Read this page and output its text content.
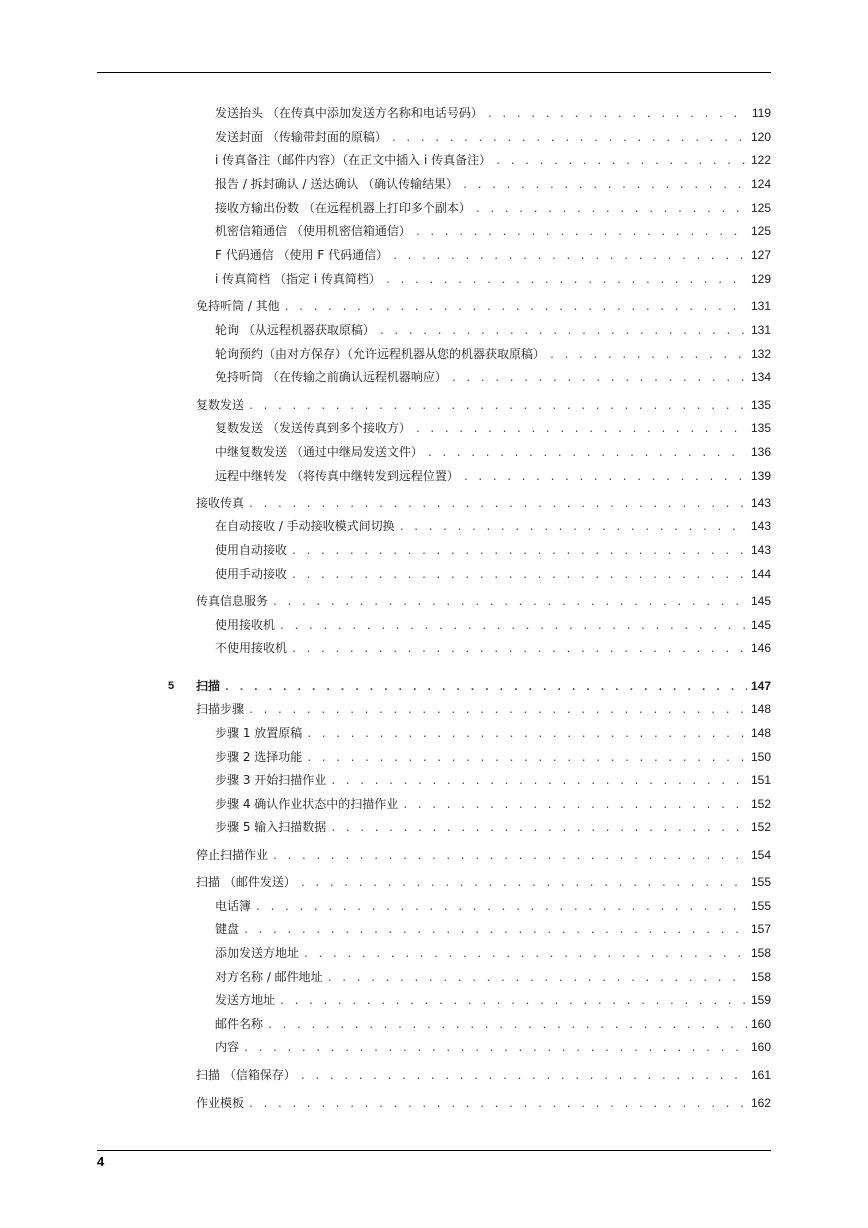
发送抬头 （在传真中添加发送方名称和电话号码） . . .	119
发送封面 （传输带封面的原稿） . . .	120
i 传真备注（邮件内容）（在正文中插入 i 传真备注） . . .	122
报告 / 拆封确认 / 送达确认 （确认传输结果） . . .	124
接收方输出份数 （在远程机器上打印多个副本） . . .	125
机密信箱通信 （使用机密信箱通信） . . .	125
F 代码通信 （使用 F 代码通信） . . .	127
i 传真简档 （指定 i 传真简档） . . .	129
免持听筒 / 其他 . . .	131
轮询 （从远程机器获取原稿） . . .	131
轮询预约（由对方保存）（允许远程机器从您的机器获取原稿） . . .	132
免持听筒 （在传输之前确认远程机器响应） . . .	134
复数发送 . . .	135
复数发送 （发送传真到多个接收方） . . .	135
中继复数发送 （通过中继局发送文件） . . .	136
远程中继转发 （将传真中继转发到远程位置） . . .	139
接收传真 . . .	143
在自动接收 / 手动接收模式间切换 . . .	143
使用自动接收 . . .	143
使用手动接收 . . .	144
传真信息服务 . . .	145
使用接收机 . . .	145
不使用接收机 . . .	146
5 扫描 . . .	147
扫描步骤 . . .	148
步骤 1 放置原稿 . . .	148
步骤 2 选择功能 . . .	150
步骤 3 开始扫描作业 . . .	151
步骤 4 确认作业状态中的扫描作业 . . .	152
步骤 5 输入扫描数据 . . .	152
停止扫描作业 . . .	154
扫描 （邮件发送） . . .	155
电话簿 . . .	155
键盘 . . .	157
添加发送方地址 . . .	158
对方名称 / 邮件地址 . . .	158
发送方地址 . . .	159
邮件名称 . . .	160
内容 . . .	160
扫描 （信箱保存） . . .	161
作业模板 . . .	162
4
